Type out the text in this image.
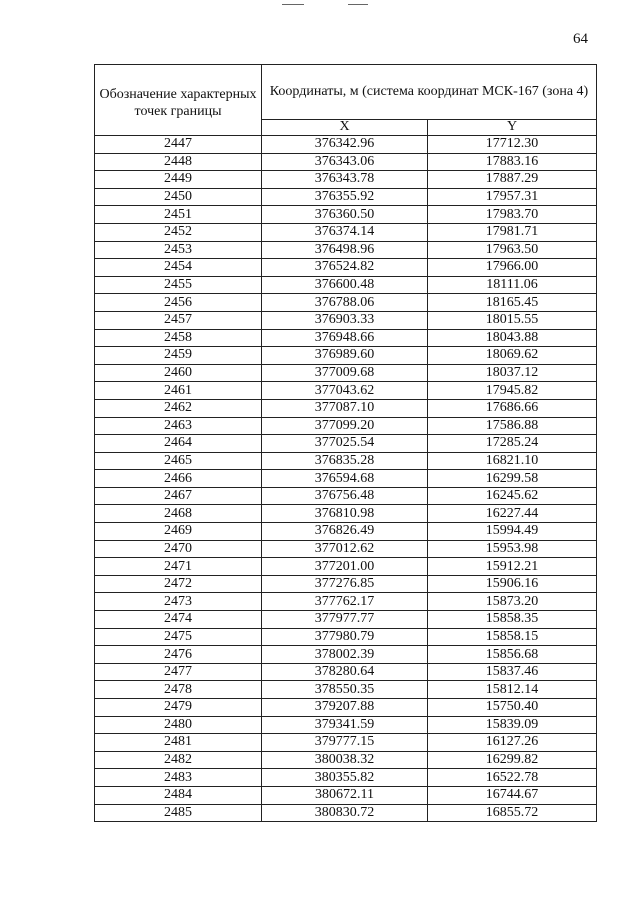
64
Обозначение характерных точек границы	Координаты, м (система координат МСК-167 (зона 4)	
	X	Y
2447	376342.96	17712.30
2448	376343.06	17883.16
2449	376343.78	17887.29
2450	376355.92	17957.31
2451	376360.50	17983.70
2452	376374.14	17981.71
2453	376498.96	17963.50
2454	376524.82	17966.00
2455	376600.48	18111.06
2456	376788.06	18165.45
2457	376903.33	18015.55
2458	376948.66	18043.88
2459	376989.60	18069.62
2460	377009.68	18037.12
2461	377043.62	17945.82
2462	377087.10	17686.66
2463	377099.20	17586.88
2464	377025.54	17285.24
2465	376835.28	16821.10
2466	376594.68	16299.58
2467	376756.48	16245.62
2468	376810.98	16227.44
2469	376826.49	15994.49
2470	377012.62	15953.98
2471	377201.00	15912.21
2472	377276.85	15906.16
2473	377762.17	15873.20
2474	377977.77	15858.35
2475	377980.79	15858.15
2476	378002.39	15856.68
2477	378280.64	15837.46
2478	378550.35	15812.14
2479	379207.88	15750.40
2480	379341.59	15839.09
2481	379777.15	16127.26
2482	380038.32	16299.82
2483	380355.82	16522.78
2484	380672.11	16744.67
2485	380830.72	16855.72
